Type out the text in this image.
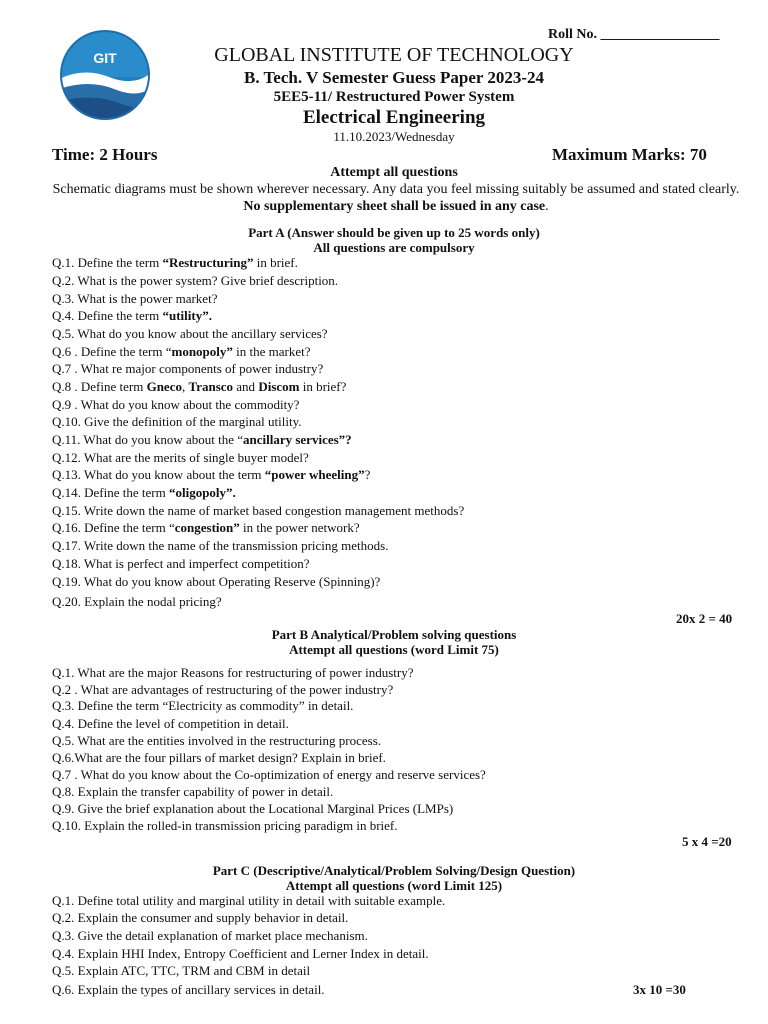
GIT
Roll No. _________________
GLOBAL INSTITUTE OF TECHNOLOGY
B. Tech. V Semester Guess Paper 2023-24
5EE5-11/ Restructured Power System
Electrical Engineering
11.10.2023/Wednesday
Time: 2 Hours	Maximum Marks: 70
Attempt all questions
Schematic diagrams must be shown wherever necessary. Any data you feel missing suitably be assumed and stated clearly. No supplementary sheet shall be issued in any case.
Part A (Answer should be given up to 25 words only)
All questions are compulsory
Q.1. Define the term “Restructuring” in brief.
Q.2. What is the power system? Give brief description.
Q.3. What is the power market?
Q.4. Define the term “utility”.
Q.5. What do you know about the ancillary services?
Q.6 . Define the term “monopoly” in the market?
Q.7 . What re major components of power industry?
Q.8 . Define term Gneco, Transco and Discom in brief?
Q.9 . What do you know about the commodity?
Q.10. Give the definition of the marginal utility.
Q.11. What do you know about the “ancillary services”?
Q.12. What are the merits of single buyer model?
Q.13. What do you know about the term “power wheeling”?
Q.14. Define the term “oligopoly”.
Q.15. Write down the name of market based congestion management methods?
Q.16. Define the term “congestion” in the power network?
Q.17. Write down the name of the transmission pricing methods.
Q.18. What is perfect and imperfect competition?
Q.19. What do you know about Operating Reserve (Spinning)?
Q.20. Explain the nodal pricing?
20x 2 = 40
Part B Analytical/Problem solving questions
Attempt all questions (word Limit 75)
Q.1. What are the major Reasons for restructuring of power industry?
Q.2 . What are advantages of restructuring of the power industry?
Q.3. Define the term “Electricity as commodity” in detail.
Q.4. Define the level of competition in detail.
Q.5. What are the entities involved in the restructuring process.
Q.6.What are the four pillars of market design? Explain in brief.
Q.7 . What do you know about the Co-optimization of energy and reserve services?
Q.8. Explain the transfer capability of power in detail.
Q.9. Give the brief explanation about the Locational Marginal Prices (LMPs)
Q.10. Explain the rolled-in transmission pricing paradigm in brief.
5 x 4 =20
Part C (Descriptive/Analytical/Problem Solving/Design Question)
Attempt all questions (word Limit 125)
Q.1. Define total utility and marginal utility in detail with suitable example.
Q.2. Explain the consumer and supply behavior in detail.
Q.3. Give the detail explanation of market place mechanism.
Q.4. Explain HHI Index, Entropy Coefficient and Lerner Index in detail.
Q.5. Explain ATC, TTC, TRM and CBM in detail
Q.6. Explain the types of ancillary services in detail.	3x 10 =30
